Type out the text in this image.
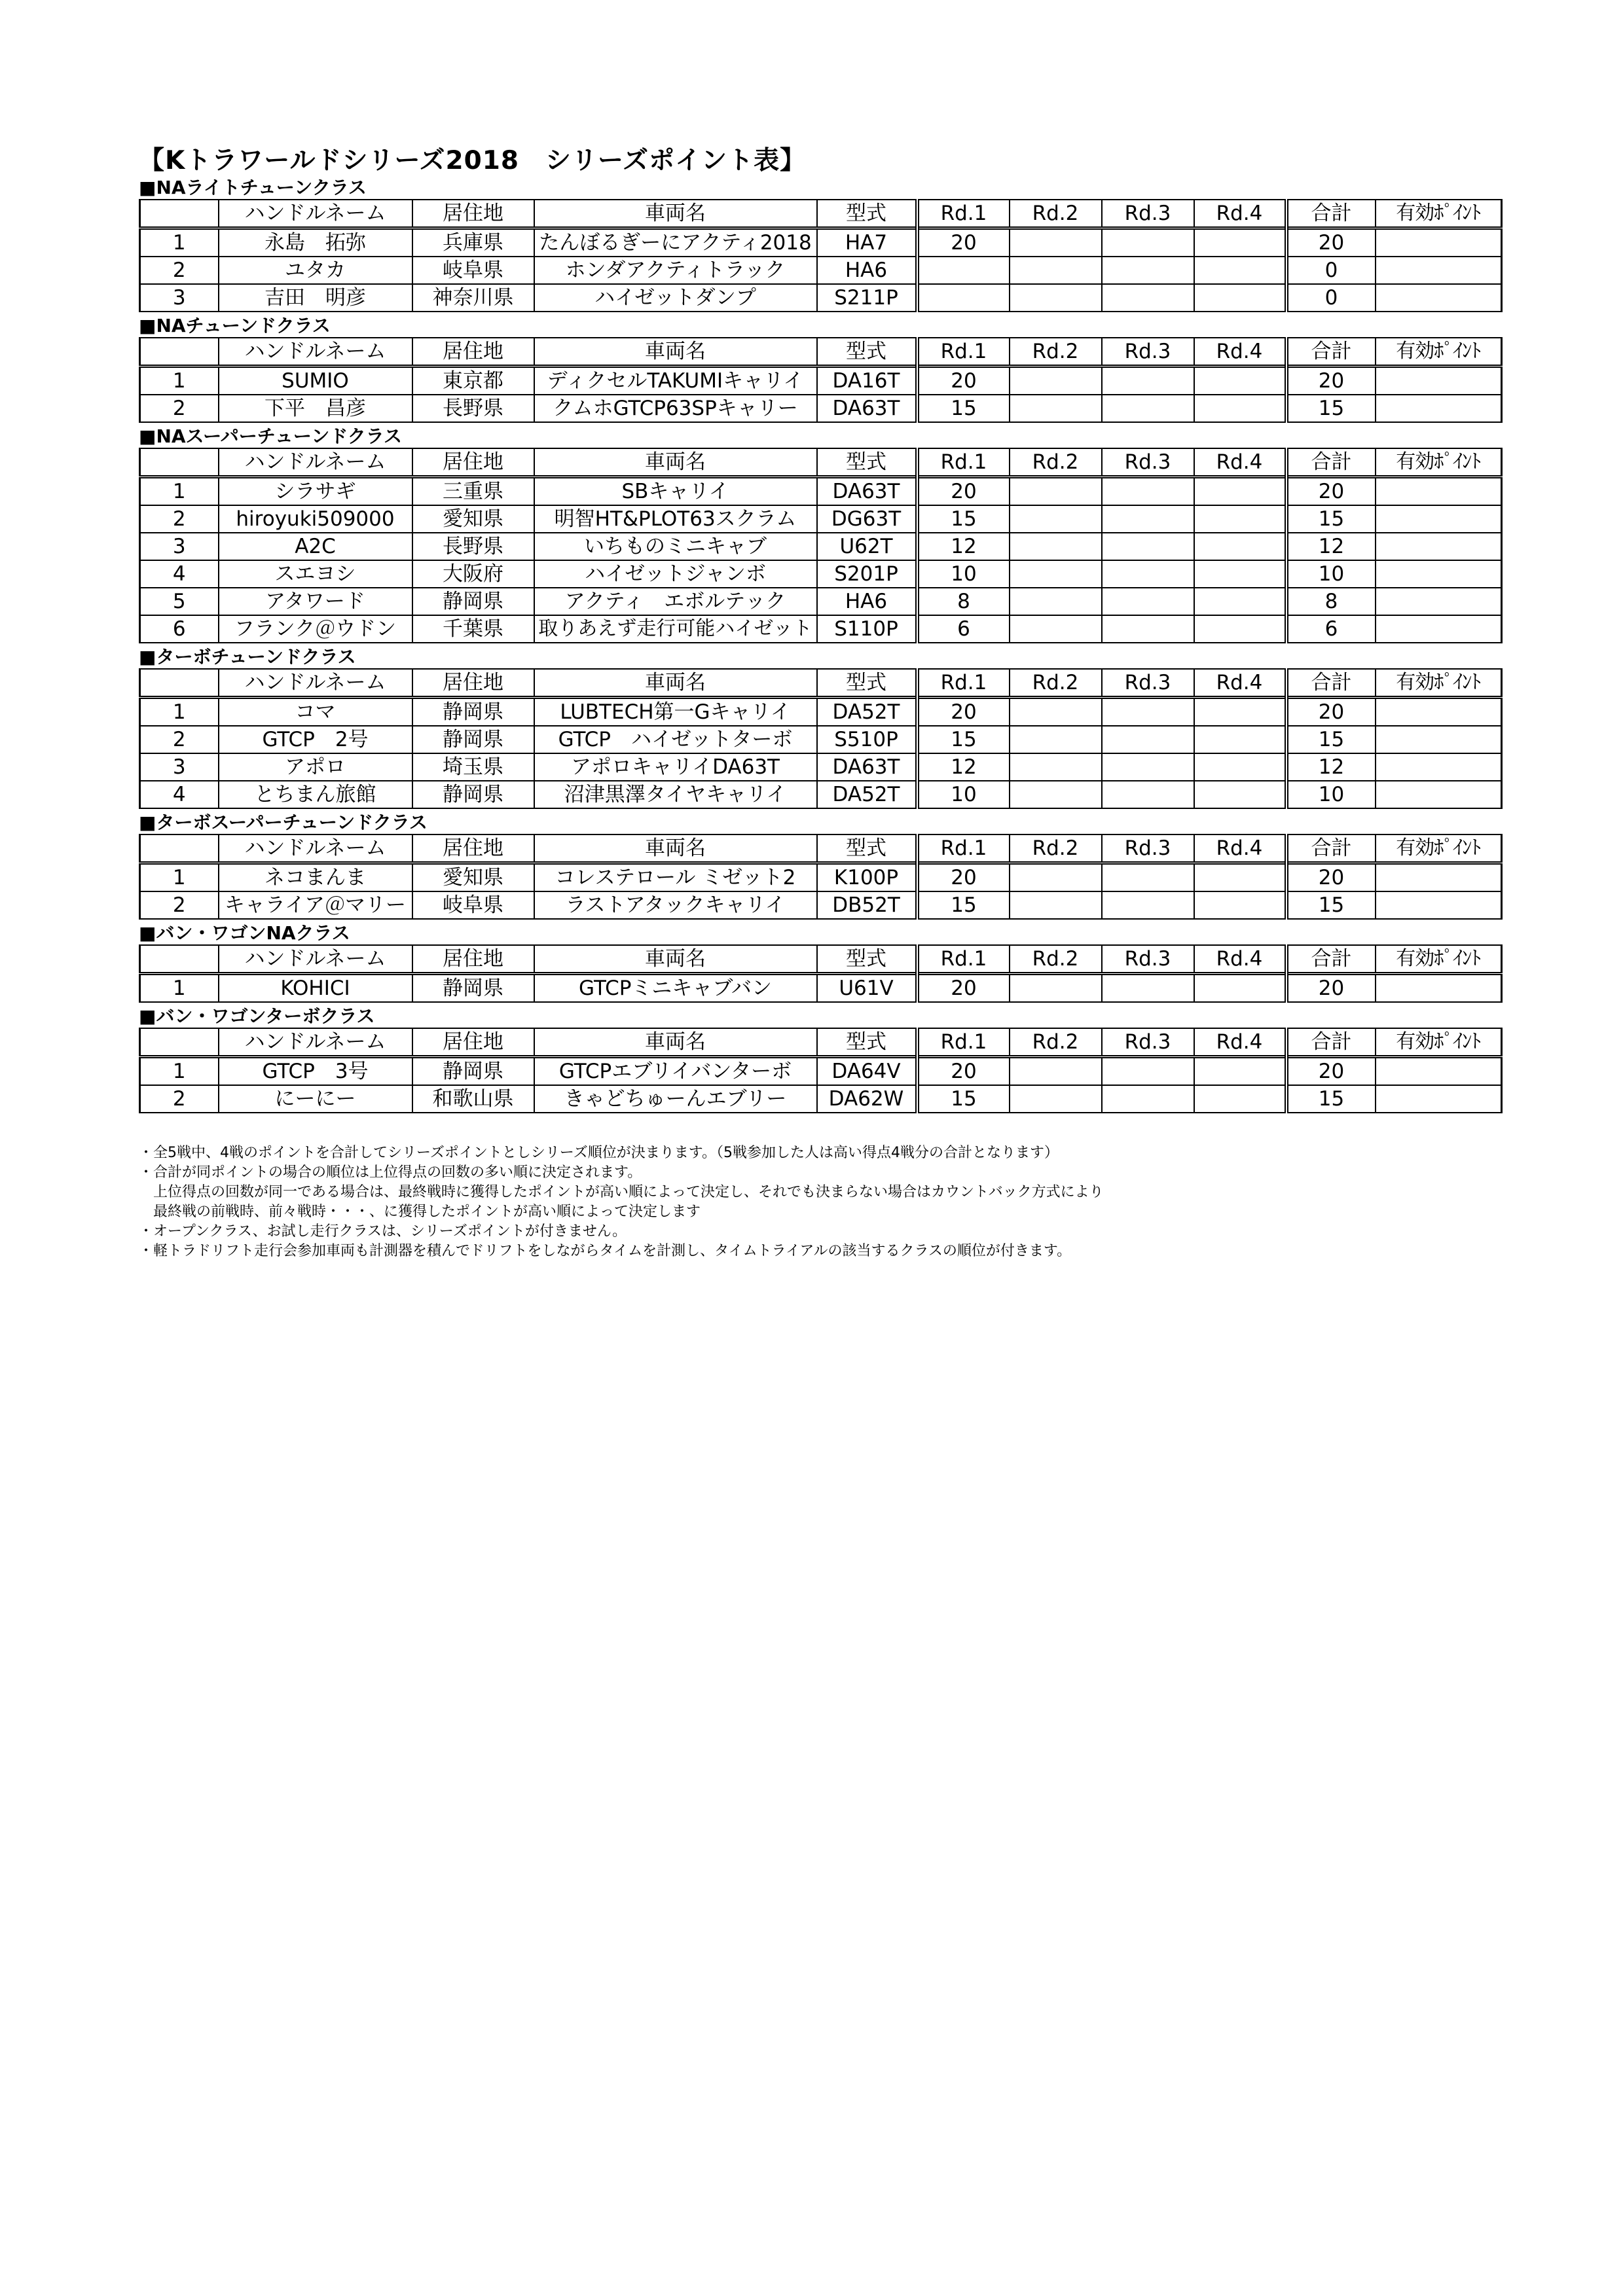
【Kトラワールドシリーズ2018　シリーズポイント表】
■NAライトチューンクラス
	ハンドルネーム	居住地	車両名	型式	Rd.1	Rd.2	Rd.3	Rd.4	合計	有効ﾎﾟｲﾝﾄ
1	永島　拓弥	兵庫県	たんぼるぎーにアクティ2018	HA7	20				20	
2	ユタカ	岐阜県	ホンダアクティトラック	HA6					0	
3	吉田　明彦	神奈川県	ハイゼットダンプ	S211P					0	
■NAチューンドクラス
	ハンドルネーム	居住地	車両名	型式	Rd.1	Rd.2	Rd.3	Rd.4	合計	有効ﾎﾟｲﾝﾄ
1	SUMIO	東京都	ディクセルTAKUMIキャリイ	DA16T	20				20	
2	下平　昌彦	長野県	クムホGTCP63SPキャリー	DA63T	15				15	
■NAスーパーチューンドクラス
	ハンドルネーム	居住地	車両名	型式	Rd.1	Rd.2	Rd.3	Rd.4	合計	有効ﾎﾟｲﾝﾄ
1	シラサギ	三重県	SBキャリイ	DA63T	20				20	
2	hiroyuki509000	愛知県	明智HT&PLOT63スクラム	DG63T	15				15	
3	A2C	長野県	いちものミニキャブ	U62T	12				12	
4	スエヨシ	大阪府	ハイゼットジャンボ	S201P	10				10	
5	アタワード	静岡県	アクティ　エボルテック	HA6	8				8	
6	フランク＠ウドン	千葉県	取りあえず走行可能ハイゼット	S110P	6				6	
■ターボチューンドクラス
	ハンドルネーム	居住地	車両名	型式	Rd.1	Rd.2	Rd.3	Rd.4	合計	有効ﾎﾟｲﾝﾄ
1	コマ	静岡県	LUBTECH第一Gキャリイ	DA52T	20				20	
2	GTCP　2号	静岡県	GTCP　ハイゼットターボ	S510P	15				15	
3	アポロ	埼玉県	アポロキャリイDA63T	DA63T	12				12	
4	とちまん旅館	静岡県	沼津黒澤タイヤキャリイ	DA52T	10				10	
■ターボスーパーチューンドクラス
	ハンドルネーム	居住地	車両名	型式	Rd.1	Rd.2	Rd.3	Rd.4	合計	有効ﾎﾟｲﾝﾄ
1	ネコまんま	愛知県	コレステロール ミゼット2	K100P	20				20	
2	キャライア＠マリー	岐阜県	ラストアタックキャリイ	DB52T	15				15	
■バン・ワゴンNAクラス
	ハンドルネーム	居住地	車両名	型式	Rd.1	Rd.2	Rd.3	Rd.4	合計	有効ﾎﾟｲﾝﾄ
1	KOHICI	静岡県	GTCPミニキャブバン	U61V	20				20	
■バン・ワゴンターボクラス
	ハンドルネーム	居住地	車両名	型式	Rd.1	Rd.2	Rd.3	Rd.4	合計	有効ﾎﾟｲﾝﾄ
1	GTCP　3号	静岡県	GTCPエブリイバンターボ	DA64V	20				20	
2	にーにー	和歌山県	きゃどちゅーんエブリー	DA62W	15				15	
・全5戦中、4戦のポイントを合計してシリーズポイントとしシリーズ順位が決まります。（5戦参加した人は高い得点4戦分の合計となります）
・合計が同ポイントの場合の順位は上位得点の回数の多い順に決定されます。
　上位得点の回数が同一である場合は、最終戦時に獲得したポイントが高い順によって決定し、それでも決まらない場合はカウントバック方式により
　最終戦の前戦時、前々戦時・・・、に獲得したポイントが高い順によって決定します
・オープンクラス、お試し走行クラスは、シリーズポイントが付きません。
・軽トラドリフト走行会参加車両も計測器を積んでドリフトをしながらタイムを計測し、タイムトライアルの該当するクラスの順位が付きます。
